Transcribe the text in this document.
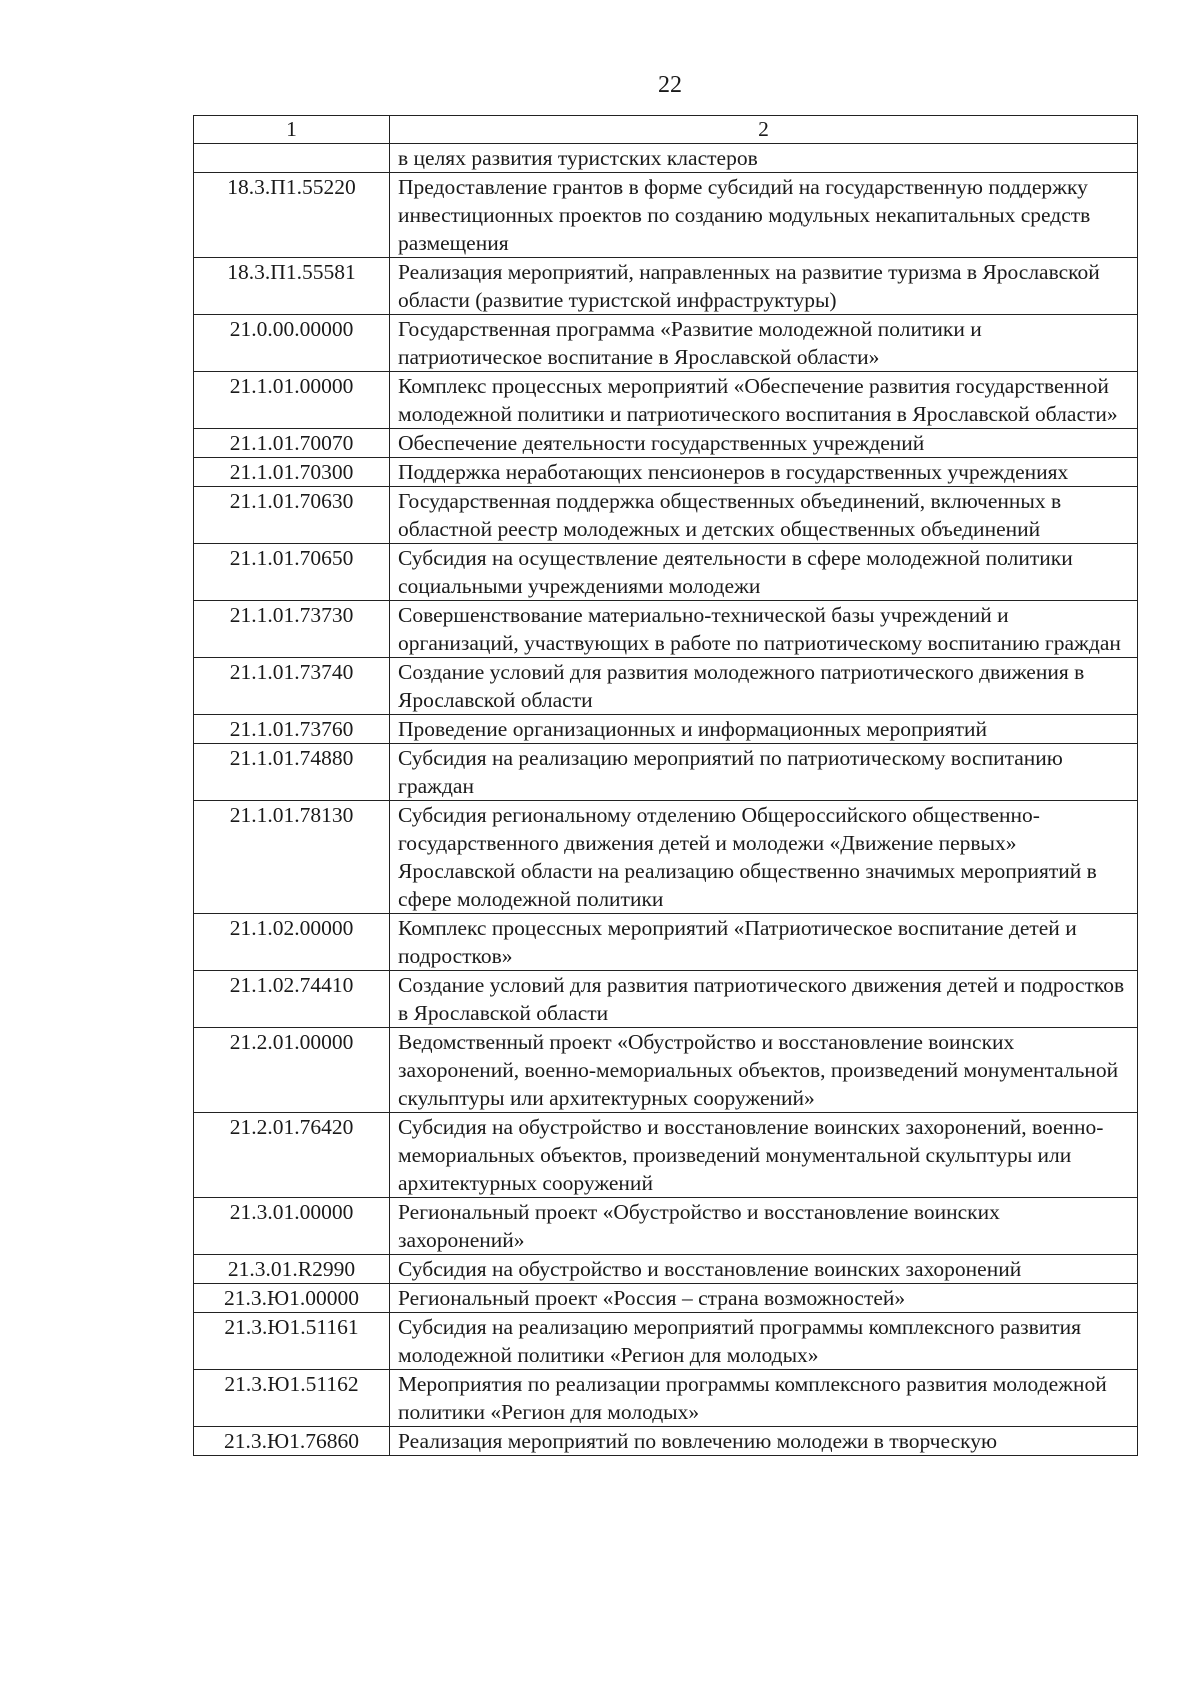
22
1	2
	в целях развития туристских кластеров
18.3.П1.55220	Предоставление грантов в форме субсидий на государственную поддержку инвестиционных проектов по созданию модульных некапитальных средств размещения
18.3.П1.55581	Реализация мероприятий, направленных на развитие туризма в Ярославской области (развитие туристской инфраструктуры)
21.0.00.00000	Государственная программа «Развитие молодежной политики и патриотическое воспитание в Ярославской области»
21.1.01.00000	Комплекс процессных мероприятий «Обеспечение развития государственной молодежной политики и патриотического воспитания в Ярославской области»
21.1.01.70070	Обеспечение деятельности государственных учреждений
21.1.01.70300	Поддержка неработающих пенсионеров в государственных учреждениях
21.1.01.70630	Государственная поддержка общественных объединений, включенных в областной реестр молодежных и детских общественных объединений
21.1.01.70650	Субсидия на осуществление деятельности в сфере молодежной политики социальными учреждениями молодежи
21.1.01.73730	Совершенствование материально-технической базы учреждений и организаций, участвующих в работе по патриотическому воспитанию граждан
21.1.01.73740	Создание условий для развития молодежного патриотического движения в Ярославской области
21.1.01.73760	Проведение организационных и информационных мероприятий
21.1.01.74880	Субсидия на реализацию мероприятий по патриотическому воспитанию граждан
21.1.01.78130	Субсидия региональному отделению Общероссийского общественно-государственного движения детей и молодежи «Движение первых» Ярославской области на реализацию общественно значимых мероприятий в сфере молодежной политики
21.1.02.00000	Комплекс процессных мероприятий «Патриотическое воспитание детей и подростков»
21.1.02.74410	Создание условий для развития патриотического движения детей и подростков в Ярославской области
21.2.01.00000	Ведомственный проект «Обустройство и восстановление воинских захоронений, военно-мемориальных объектов, произведений монументальной скульптуры или архитектурных сооружений»
21.2.01.76420	Субсидия на обустройство и восстановление воинских захоронений, военно-мемориальных объектов, произведений монументальной скульптуры или архитектурных сооружений
21.3.01.00000	Региональный проект «Обустройство и восстановление воинских захоронений»
21.3.01.R2990	Субсидия на обустройство и восстановление воинских захоронений
21.3.Ю1.00000	Региональный проект «Россия – страна возможностей»
21.3.Ю1.51161	Субсидия на реализацию мероприятий программы комплексного развития молодежной политики «Регион для молодых»
21.3.Ю1.51162	Мероприятия по реализации программы комплексного развития молодежной политики «Регион для молодых»
21.3.Ю1.76860	Реализация мероприятий по вовлечению молодежи в творческую
